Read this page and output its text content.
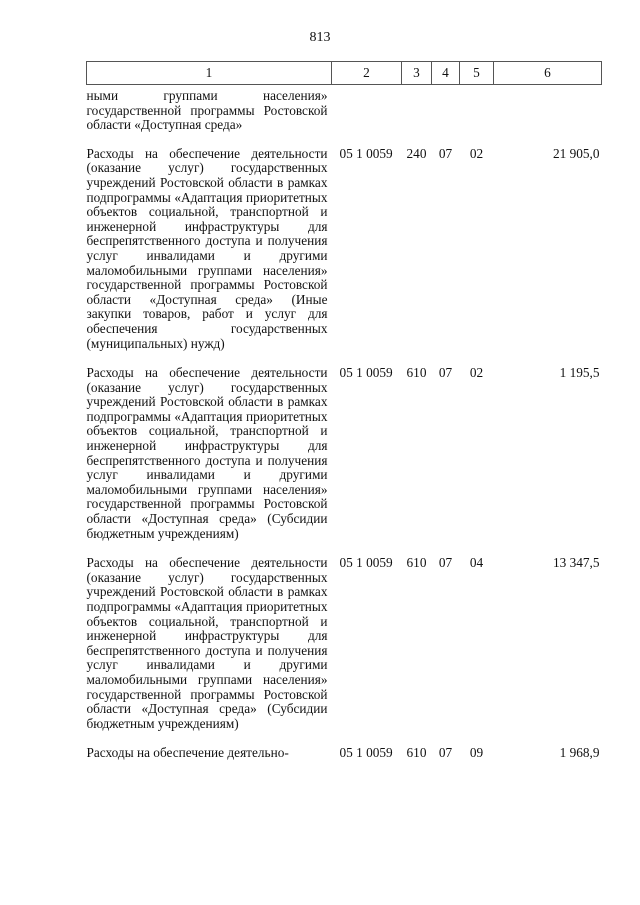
813
1	2	3	4	5	6
ными группами населения» государственной программы Ростовской области «Доступная среда»					
Расходы на обеспечение деятельности (оказание услуг) государственных учреждений Ростовской области в рамках подпрограммы «Адаптация приоритетных объектов социальной, транспортной и инженерной инфраструктуры для беспрепятственного доступа и получения услуг инвалидами и другими маломобильными группами населения» государственной программы Ростовской области «Доступная среда» (Иные закупки товаров, работ и услуг для обеспечения государственных (муниципальных) нужд)	05 1 0059	240	07	02	21 905,0
Расходы на обеспечение деятельности (оказание услуг) государственных учреждений Ростовской области в рамках подпрограммы «Адаптация приоритетных объектов социальной, транспортной и инженерной инфраструктуры для беспрепятственного доступа и получения услуг инвалидами и другими маломобильными группами населения» государственной программы Ростовской области «Доступная среда» (Субсидии бюджетным учреждениям)	05 1 0059	610	07	02	1 195,5
Расходы на обеспечение деятельности (оказание услуг) государственных учреждений Ростовской области в рамках подпрограммы «Адаптация приоритетных объектов социальной, транспортной и инженерной инфраструктуры для беспрепятственного доступа и получения услуг инвалидами и другими маломобильными группами населения» государственной программы Ростовской области «Доступная среда» (Субсидии бюджетным учреждениям)	05 1 0059	610	07	04	13 347,5
Расходы на обеспечение деятельно-	05 1 0059	610	07	09	1 968,9
